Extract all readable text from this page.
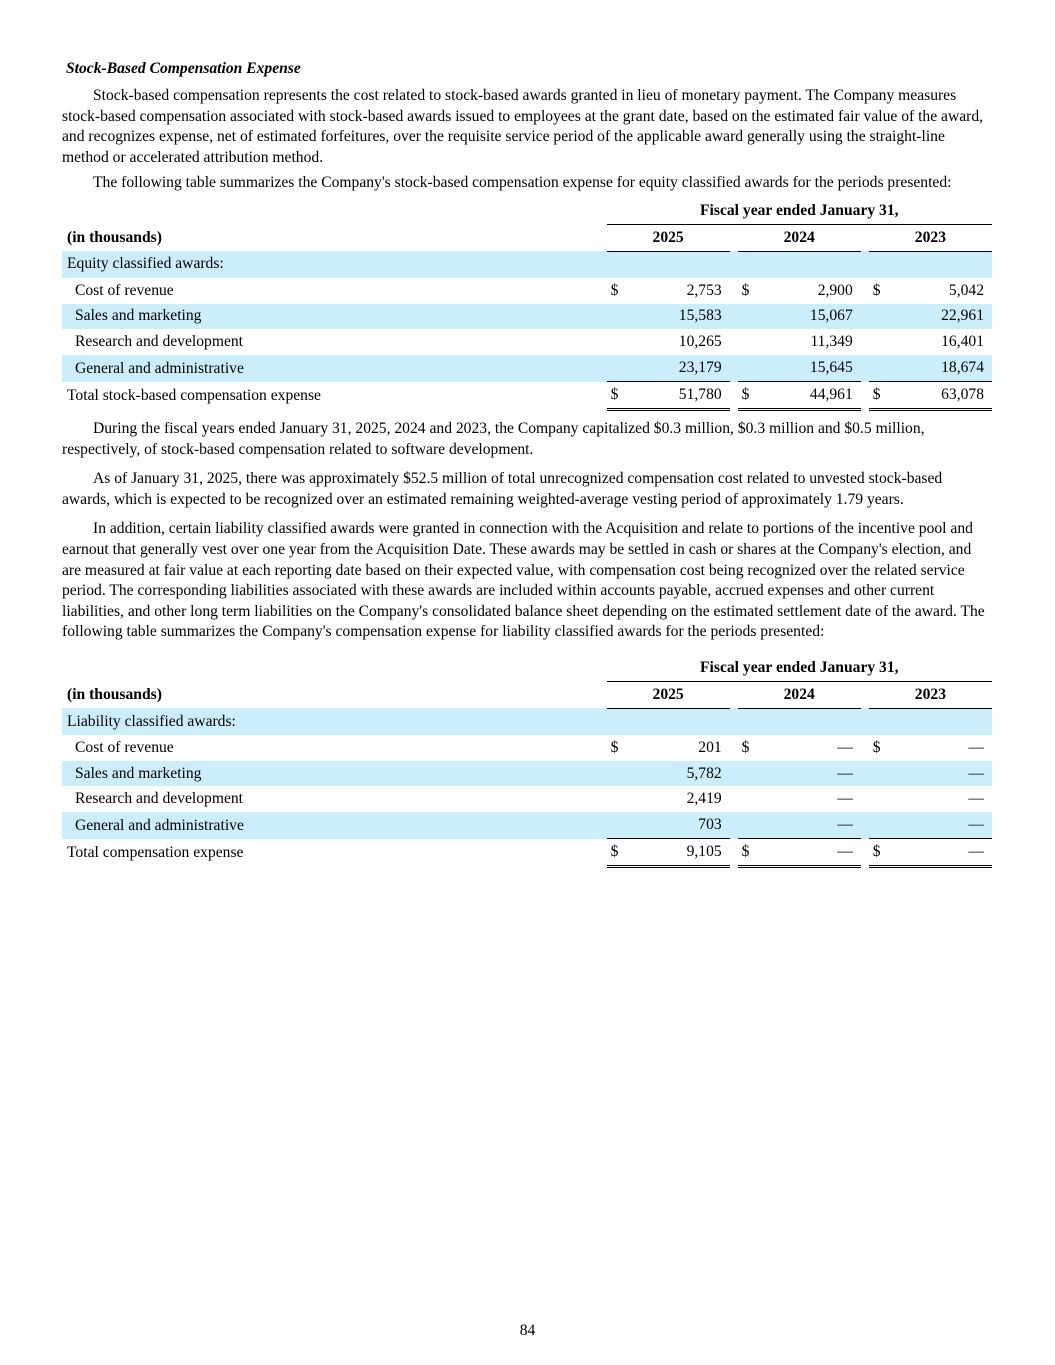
Stock-Based Compensation Expense

Stock-based compensation represents the cost related to stock-based awards granted in lieu of monetary payment. The Company measures stock-based compensation associated with stock-based awards issued to employees at the grant date, based on the estimated fair value of the award, and recognizes expense, net of estimated forfeitures, over the requisite service period of the applicable award generally using the straight-line method or accelerated attribution method.

The following table summarizes the Company's stock-based compensation expense for equity classified awards for the periods presented:

	Fiscal year ended January 31,							
(in thousands)	2025			2024			2023	
Equity classified awards:								
Cost of revenue	$	2,753		$	2,900		$	5,042
Sales and marketing		15,583			15,067			22,961
Research and development		10,265			11,349			16,401
General and administrative		23,179			15,645			18,674
Total stock-based compensation expense	$	51,780		$	44,961		$	63,078

During the fiscal years ended January 31, 2025, 2024 and 2023, the Company capitalized $0.3 million, $0.3 million and $0.5 million, respectively, of stock-based compensation related to software development.

As of January 31, 2025, there was approximately $52.5 million of total unrecognized compensation cost related to unvested stock-based awards, which is expected to be recognized over an estimated remaining weighted-average vesting period of approximately 1.79 years.

In addition, certain liability classified awards were granted in connection with the Acquisition and relate to portions of the incentive pool and earnout that generally vest over one year from the Acquisition Date. These awards may be settled in cash or shares at the Company's election, and are measured at fair value at each reporting date based on their expected value, with compensation cost being recognized over the related service period. The corresponding liabilities associated with these awards are included within accounts payable, accrued expenses and other current liabilities, and other long term liabilities on the Company's consolidated balance sheet depending on the estimated settlement date of the award. The following table summarizes the Company's compensation expense for liability classified awards for the periods presented:

	Fiscal year ended January 31,							
(in thousands)	2025			2024			2023	
Liability classified awards:								
Cost of revenue	$	201		$	—		$	—
Sales and marketing		5,782			—			—
Research and development		2,419			—			—
General and administrative		703			—			—
Total compensation expense	$	9,105		$	—		$	—
84
